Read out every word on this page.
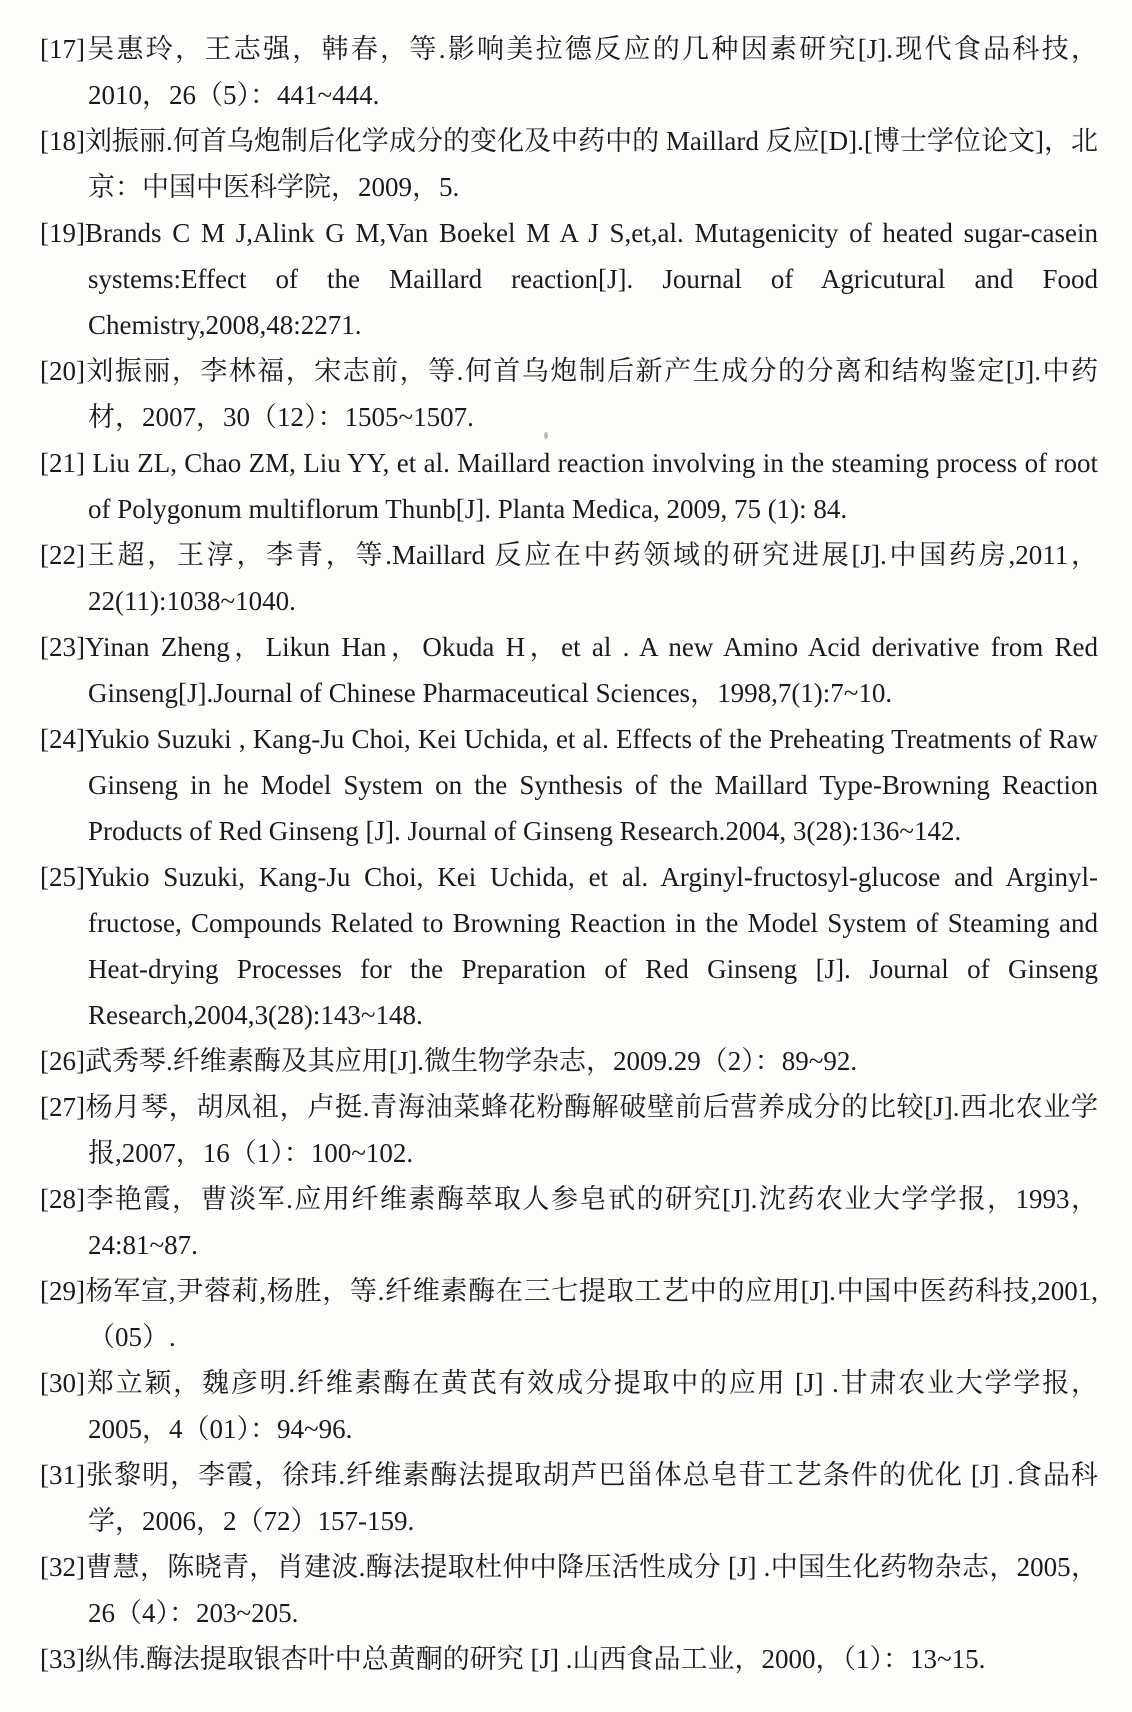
[17]吴惠玲，王志强，韩春，等.影响美拉德反应的几种因素研究[J].现代食品科技，2010，26（5）：441~444.

[18]刘振丽.何首乌炮制后化学成分的变化及中药中的 Maillard 反应[D].[博士学位论文]，北京：中国中医科学院，2009，5.

[19]Brands C M J,Alink G M,Van Boekel M A J S,et,al. Mutagenicity of heated sugar-casein systems:Effect of the Maillard reaction[J]. Journal of Agricutural and Food Chemistry,2008,48:2271.

[20]刘振丽，李林福，宋志前，等.何首乌炮制后新产生成分的分离和结构鉴定[J].中药材，2007，30（12）：1505~1507.

[21] Liu ZL, Chao ZM, Liu YY, et al. Maillard reaction involving in the steaming process of root of Polygonum multiflorum Thunb[J]. Planta Medica, 2009, 75 (1): 84.

[22]王超，王淳，李青，等.Maillard 反应在中药领域的研究进展[J].中国药房,2011，22(11):1038~1040.

[23]Yinan Zheng，Likun Han，Okuda H，et al . A new Amino Acid derivative from Red Ginseng[J].Journal of Chinese Pharmaceutical Sciences，1998,7(1):7~10.

[24]Yukio Suzuki , Kang-Ju Choi, Kei Uchida, et al. Effects of the Preheating Treatments of Raw Ginseng in he Model System on the Synthesis of the Maillard Type-Browning Reaction Products of Red Ginseng [J]. Journal of Ginseng Research.2004, 3(28):136~142.

[25]Yukio Suzuki, Kang-Ju Choi, Kei Uchida, et al. Arginyl-fructosyl-glucose and Arginyl-fructose, Compounds Related to Browning Reaction in the Model System of Steaming and Heat-drying Processes for the Preparation of Red Ginseng [J]. Journal of Ginseng Research,2004,3(28):143~148.

[26]武秀琴.纤维素酶及其应用[J].微生物学杂志，2009.29（2）：89~92.

[27]杨月琴，胡凤祖，卢挺.青海油菜蜂花粉酶解破壁前后营养成分的比较[J].西北农业学报,2007，16（1）：100~102.

[28]李艳霞，曹淡军.应用纤维素酶萃取人参皂甙的研究[J].沈药农业大学学报，1993，24:81~87.

[29]杨军宣,尹蓉莉,杨胜，等.纤维素酶在三七提取工艺中的应用[J].中国中医药科技,2001,（05）.

[30]郑立颖，魏彦明.纤维素酶在黄芪有效成分提取中的应用 [J] .甘肃农业大学学报，2005，4（01）：94~96.

[31]张黎明，李霞，徐玮.纤维素酶法提取胡芦巴甾体总皂苷工艺条件的优化 [J] .食品科学，2006，2（72）157-159.

[32]曹慧，陈晓青，肖建波.酶法提取杜仲中降压活性成分 [J] .中国生化药物杂志，2005，26（4）：203~205.

[33]纵伟.酶法提取银杏叶中总黄酮的研究 [J] .山西食品工业，2000，（1）：13~15.
